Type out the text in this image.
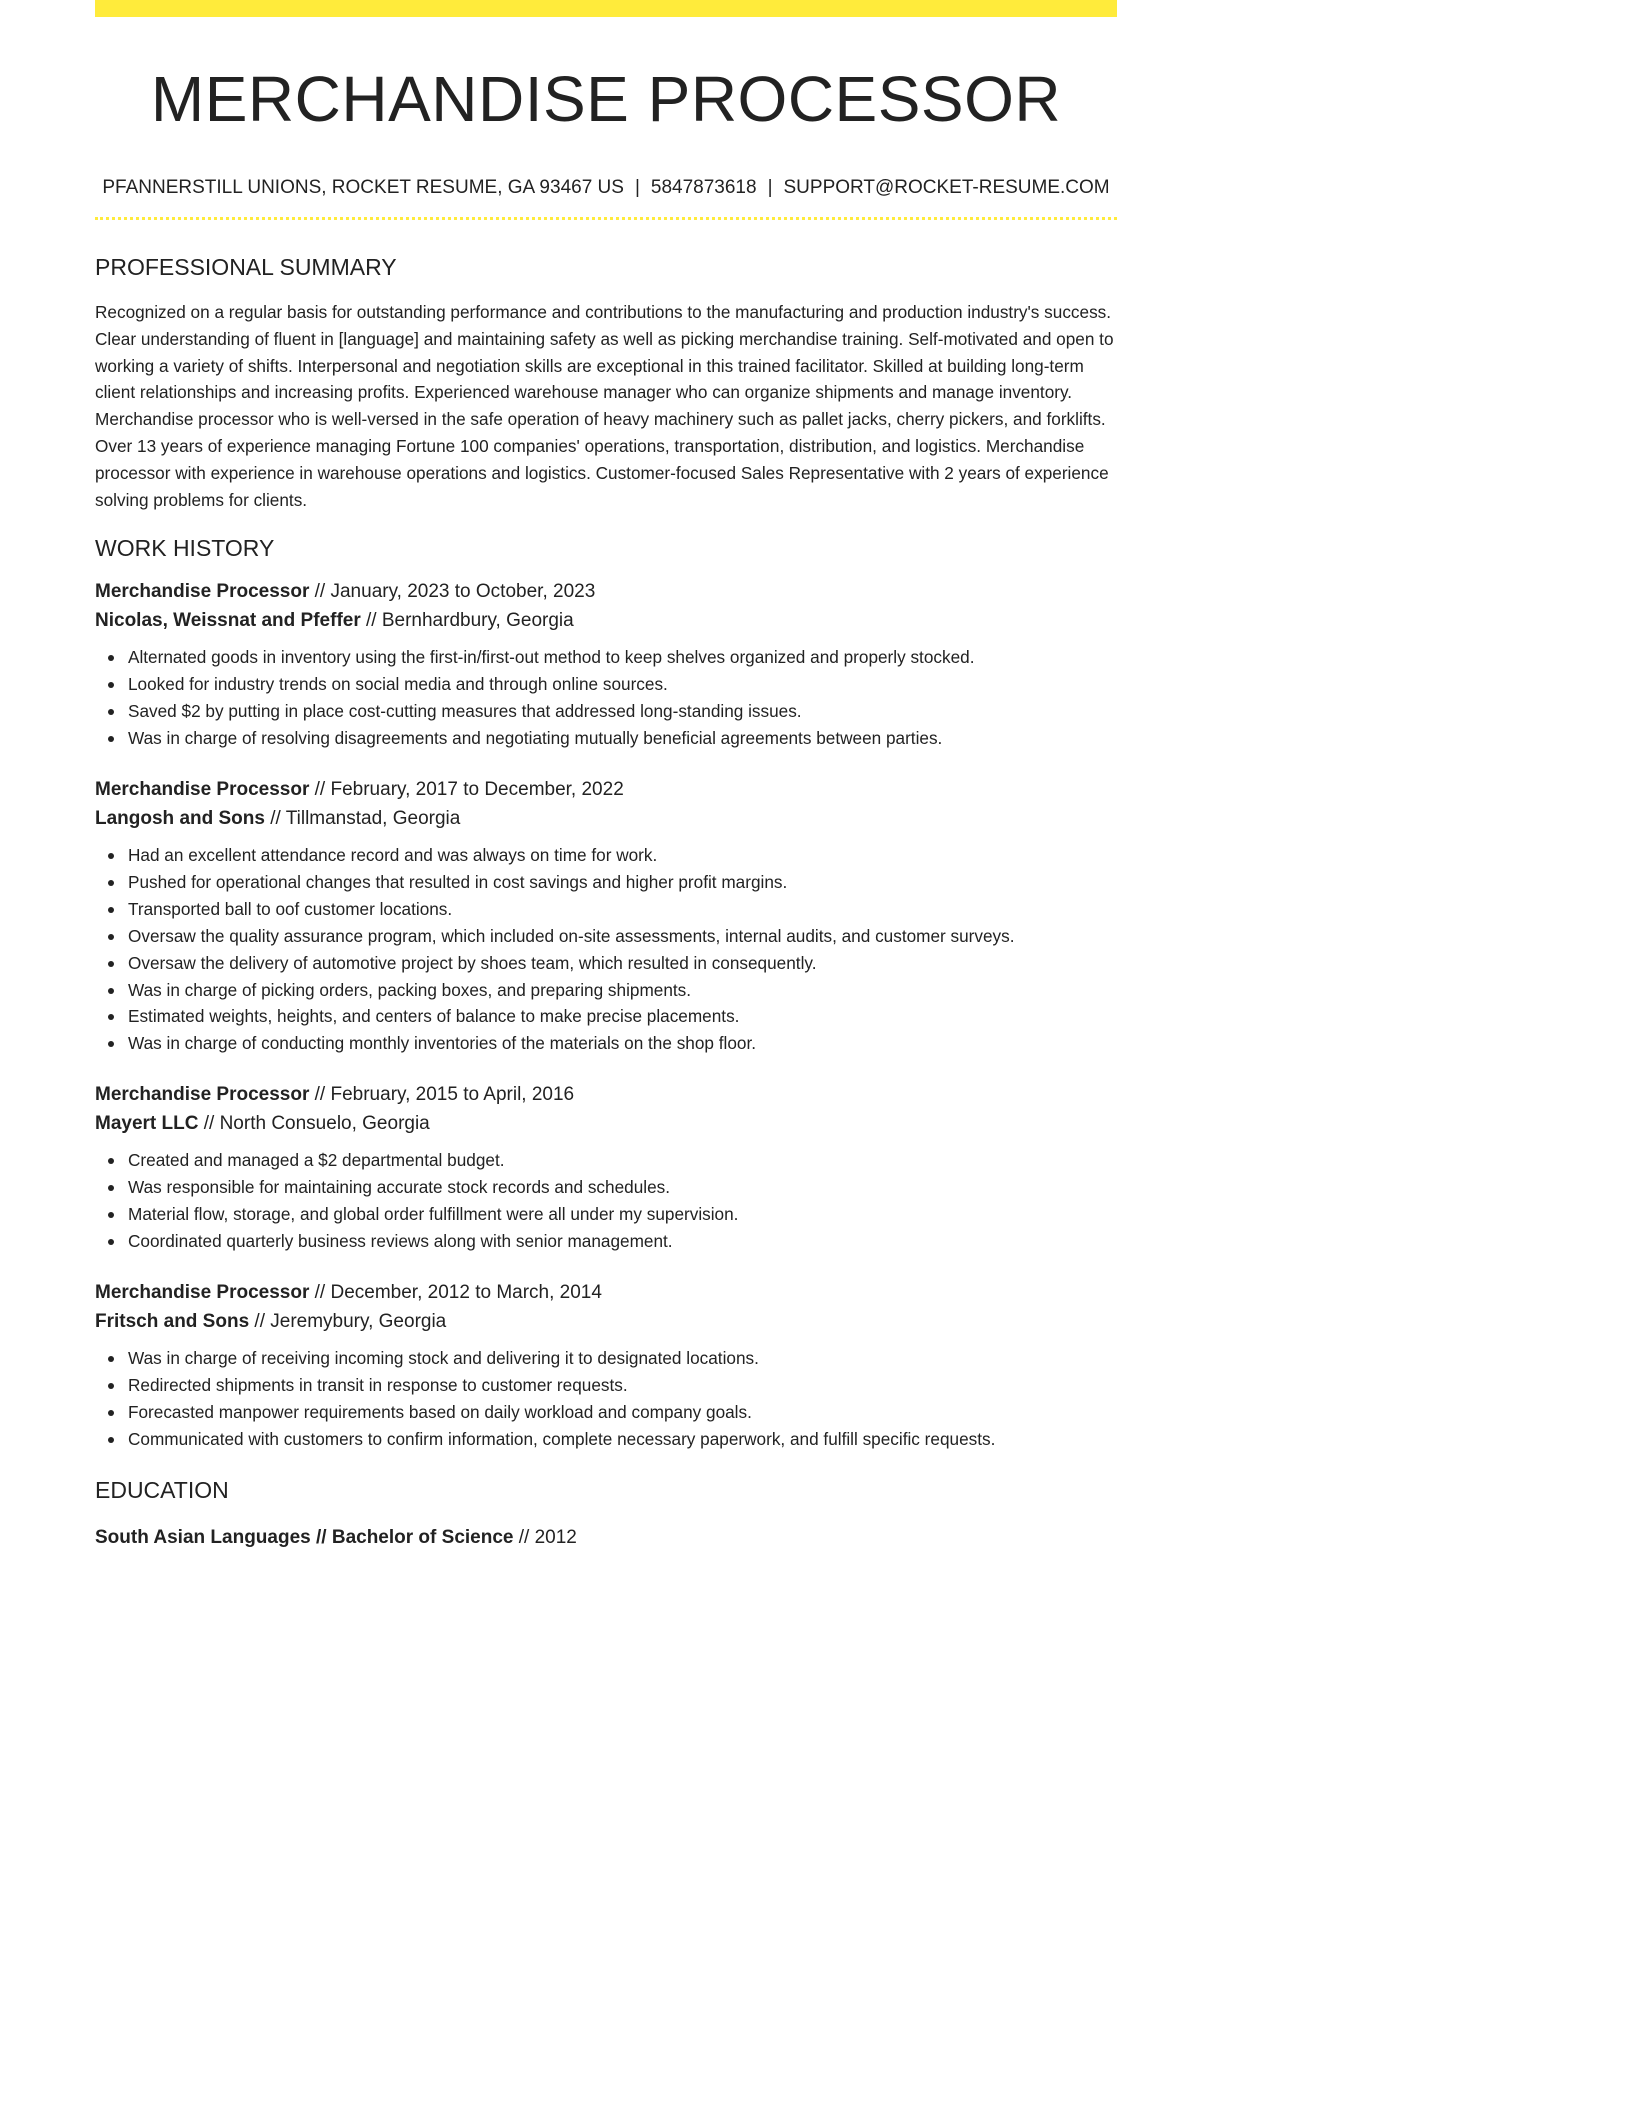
MERCHANDISE PROCESSOR
PFANNERSTILL UNIONS, ROCKET RESUME, GA 93467 US | 5847873618 | SUPPORT@ROCKET-RESUME.COM
PROFESSIONAL SUMMARY

Recognized on a regular basis for outstanding performance and contributions to the manufacturing and production industry's success. Clear understanding of fluent in [language] and maintaining safety as well as picking merchandise training. Self-motivated and open to working a variety of shifts. Interpersonal and negotiation skills are exceptional in this trained facilitator. Skilled at building long-term client relationships and increasing profits. Experienced warehouse manager who can organize shipments and manage inventory. Merchandise processor who is well-versed in the safe operation of heavy machinery such as pallet jacks, cherry pickers, and forklifts. Over 13 years of experience managing Fortune 100 companies' operations, transportation, distribution, and logistics. Merchandise processor with experience in warehouse operations and logistics. Customer-focused Sales Representative with 2 years of experience solving problems for clients.

WORK HISTORY
Merchandise Processor // January, 2023 to October, 2023
Nicolas, Weissnat and Pfeffer // Bernhardbury, Georgia
Alternated goods in inventory using the first-in/first-out method to keep shelves organized and properly stocked.
Looked for industry trends on social media and through online sources.
Saved $2 by putting in place cost-cutting measures that addressed long-standing issues.
Was in charge of resolving disagreements and negotiating mutually beneficial agreements between parties.
Merchandise Processor // February, 2017 to December, 2022
Langosh and Sons // Tillmanstad, Georgia
Had an excellent attendance record and was always on time for work.
Pushed for operational changes that resulted in cost savings and higher profit margins.
Transported ball to oof customer locations.
Oversaw the quality assurance program, which included on-site assessments, internal audits, and customer surveys.
Oversaw the delivery of automotive project by shoes team, which resulted in consequently.
Was in charge of picking orders, packing boxes, and preparing shipments.
Estimated weights, heights, and centers of balance to make precise placements.
Was in charge of conducting monthly inventories of the materials on the shop floor.
Merchandise Processor // February, 2015 to April, 2016
Mayert LLC // North Consuelo, Georgia
Created and managed a $2 departmental budget.
Was responsible for maintaining accurate stock records and schedules.
Material flow, storage, and global order fulfillment were all under my supervision.
Coordinated quarterly business reviews along with senior management.
Merchandise Processor // December, 2012 to March, 2014
Fritsch and Sons // Jeremybury, Georgia
Was in charge of receiving incoming stock and delivering it to designated locations.
Redirected shipments in transit in response to customer requests.
Forecasted manpower requirements based on daily workload and company goals.
Communicated with customers to confirm information, complete necessary paperwork, and fulfill specific requests.
EDUCATION
South Asian Languages // Bachelor of Science // 2012
